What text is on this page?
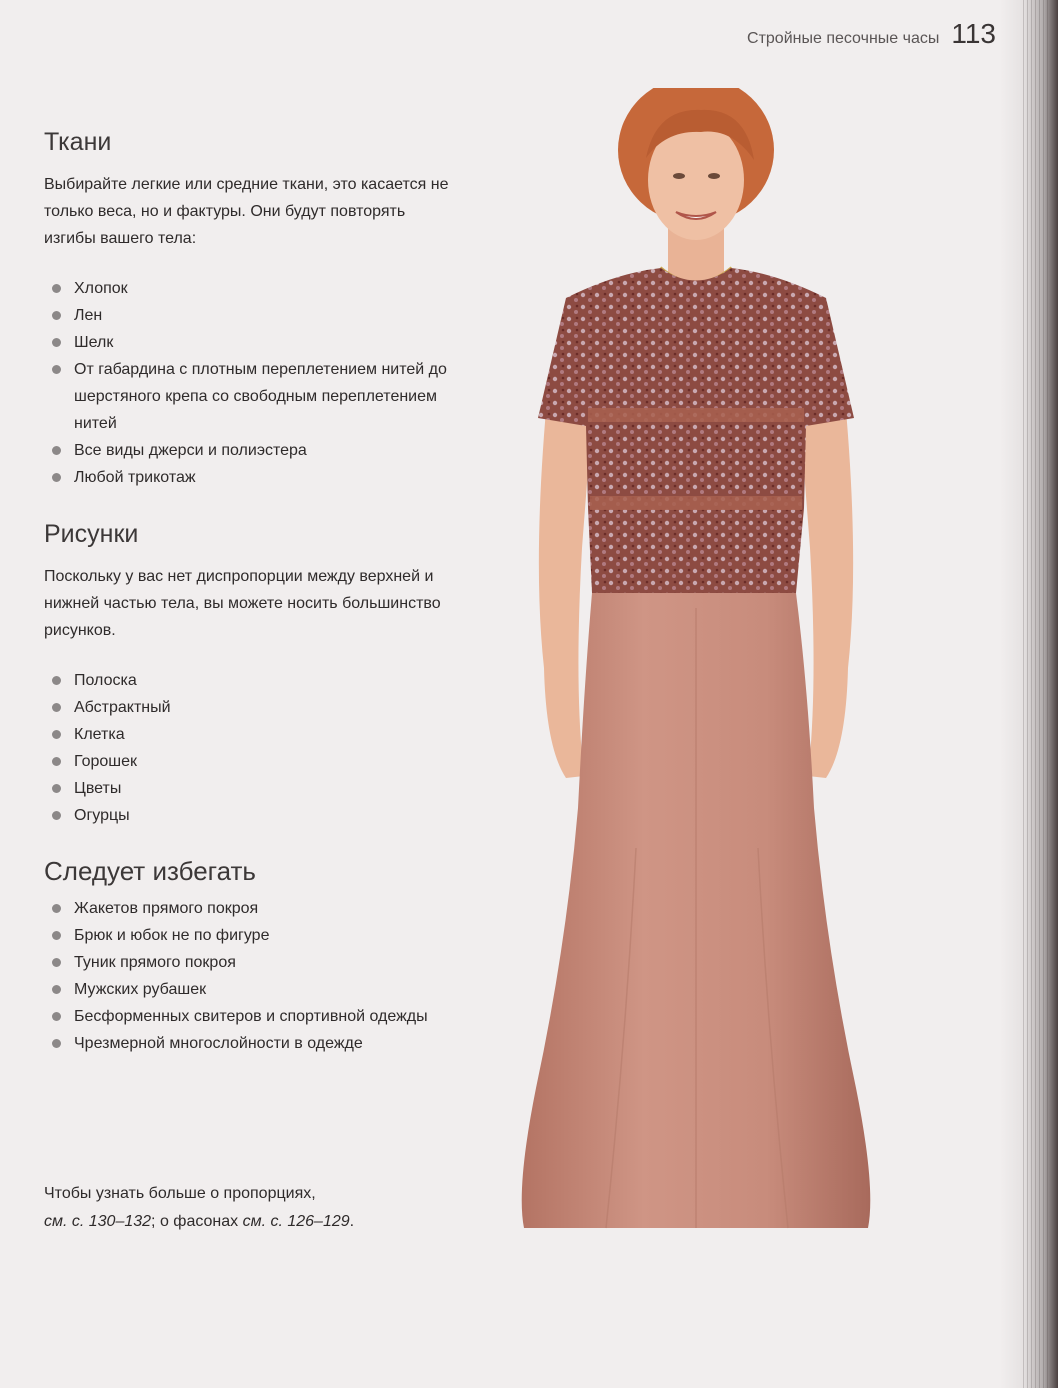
Стройные песочные часы 113
Ткани

Выбирайте легкие или средние ткани, это касается не только веса, но и фактуры. Они будут повторять изгибы вашего тела:

Хлопок
Лен
Шелк
От габардина с плотным переплетением нитей до шерстяного крепа со свободным переплетением нитей
Все виды джерси и полиэстера
Любой трикотаж
Рисунки

Поскольку у вас нет диспропорции между верхней и нижней частью тела, вы можете носить большинство рисунков.

Полоска
Абстрактный
Клетка
Горошек
Цветы
Огурцы
Следует избегать
Жакетов прямого покроя
Брюк и юбок не по фигуре
Туник прямого покроя
Мужских рубашек
Бесформенных свитеров и спортивной одежды
Чрезмерной многослойности в одежде
Чтобы узнать больше о пропорциях,
см. с. 130–132; о фасонах см. с. 126–129.
